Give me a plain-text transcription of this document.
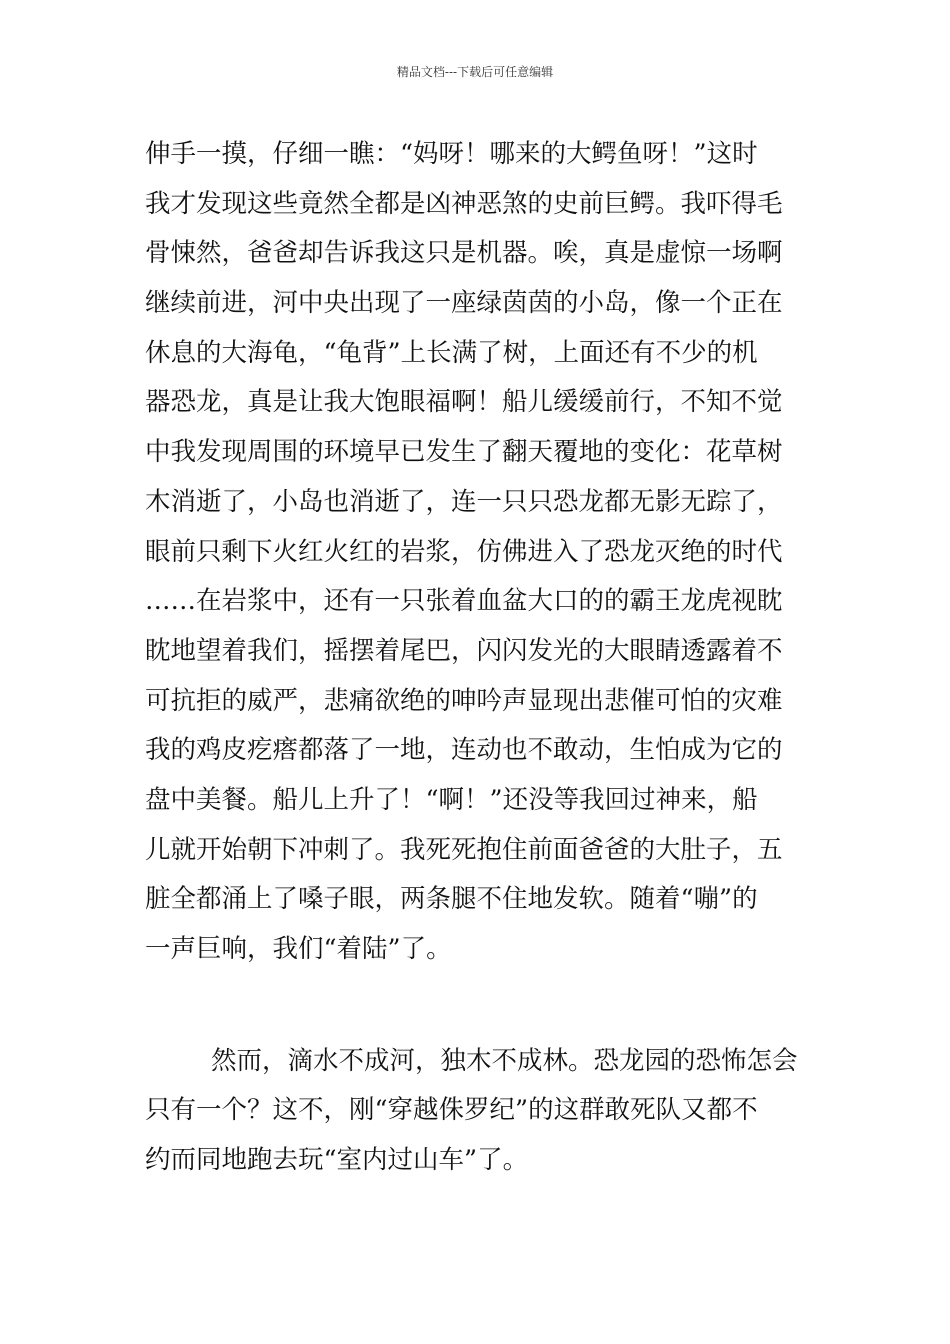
精品文档---下载后可任意编辑
伸手一摸，仔细一瞧：“妈呀！哪来的大鳄鱼呀！”这时
我才发现这些竟然全都是凶神恶煞的史前巨鳄。我吓得毛
骨悚然，爸爸却告诉我这只是机器。唉，真是虚惊一场啊
继续前进，河中央出现了一座绿茵茵的小岛，像一个正在
休息的大海龟，“龟背”上长满了树，上面还有不少的机
器恐龙，真是让我大饱眼福啊！船儿缓缓前行，不知不觉
中我发现周围的环境早已发生了翻天覆地的变化：花草树
木消逝了，小岛也消逝了，连一只只恐龙都无影无踪了，
眼前只剩下火红火红的岩浆，仿佛进入了恐龙灭绝的时代
……在岩浆中，还有一只张着血盆大口的的霸王龙虎视眈
眈地望着我们，摇摆着尾巴，闪闪发光的大眼睛透露着不
可抗拒的威严，悲痛欲绝的呻吟声显现出悲催可怕的灾难
我的鸡皮疙瘩都落了一地，连动也不敢动，生怕成为它的
盘中美餐。船儿上升了！“啊！”还没等我回过神来，船
儿就开始朝下冲刺了。我死死抱住前面爸爸的大肚子，五
脏全都涌上了嗓子眼，两条腿不住地发软。随着“嘣”的
一声巨响，我们“着陆”了。
然而，滴水不成河，独木不成林。恐龙园的恐怖怎会
只有一个？这不，刚“穿越侏罗纪”的这群敢死队又都不
约而同地跑去玩“室内过山车”了。
